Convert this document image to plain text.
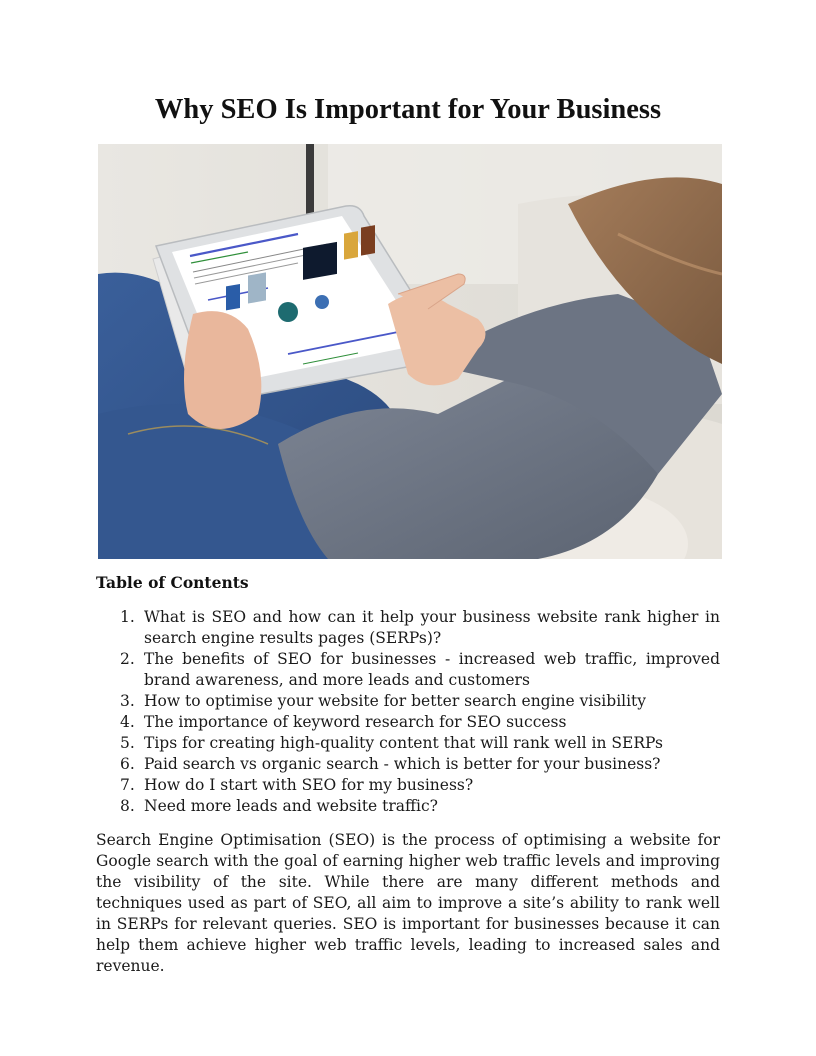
Why SEO Is Important for Your Business
Table of Contents
1. What is SEO and how can it help your business website rank higher in search engine results pages (SERPs)?
2. The benefits of SEO for businesses - increased web traffic, improved brand awareness, and more leads and customers
3. How to optimise your website for better search engine visibility
4. The importance of keyword research for SEO success
5. Tips for creating high-quality content that will rank well in SERPs
6. Paid search vs organic search - which is better for your business?
7. How do I start with SEO for my business?
8. Need more leads and website traffic?

Search Engine Optimisation (SEO) is the process of optimising a website for Google search with the goal of earning higher web traffic levels and improving the visibility of the site. While there are many different methods and techniques used as part of SEO, all aim to improve a site’s ability to rank well in SERPs for relevant queries. SEO is important for businesses because it can help them achieve higher web traffic levels, leading to increased sales and revenue.
